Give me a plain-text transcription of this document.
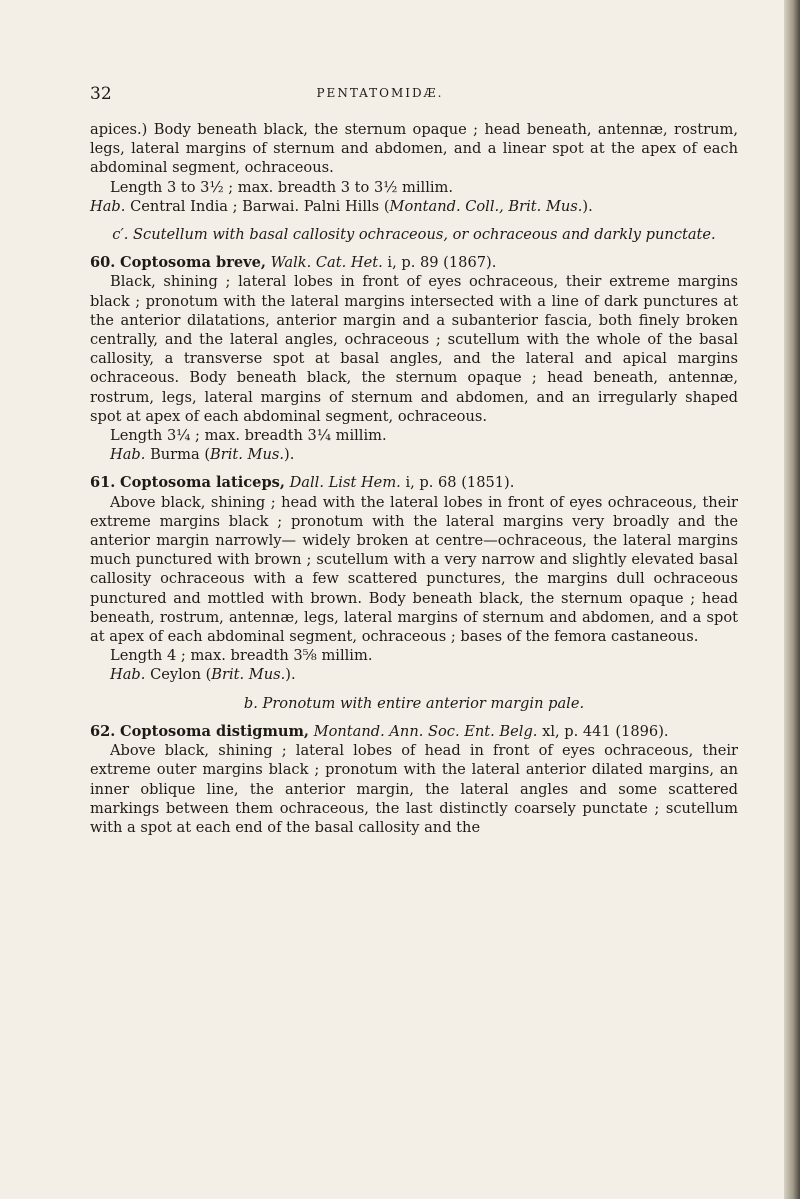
32	PENTATOMIDÆ.

apices.) Body beneath black, the sternum opaque ; head beneath, antennæ, rostrum, legs, lateral margins of sternum and abdomen, and a linear spot at the apex of each abdominal segment, ochraceous.

Length 3 to 3½ ; max. breadth 3 to 3½ millim.

Hab. Central India ; Barwai. Palni Hills (Montand. Coll., Brit. Mus.).

c′. Scutellum with basal callosity ochraceous, or ochraceous and darkly punctate.

60. Coptosoma breve, Walk. Cat. Het. i, p. 89 (1867).

Black, shining ; lateral lobes in front of eyes ochraceous, their extreme margins black ; pronotum with the lateral margins intersected with a line of dark punctures at the anterior dilatations, anterior margin and a subanterior fascia, both finely broken centrally, and the lateral angles, ochraceous ; scutellum with the whole of the basal callosity, a transverse spot at basal angles, and the lateral and apical margins ochraceous. Body beneath black, the sternum opaque ; head beneath, antennæ, rostrum, legs, lateral margins of sternum and abdomen, and an irregularly shaped spot at apex of each abdominal segment, ochraceous.

Length 3¼ ; max. breadth 3¼ millim.

Hab. Burma (Brit. Mus.).

61. Coptosoma laticeps, Dall. List Hem. i, p. 68 (1851).

Above black, shining ; head with the lateral lobes in front of eyes ochraceous, their extreme margins black ; pronotum with the lateral margins very broadly and the anterior margin narrowly— widely broken at centre—ochraceous, the lateral margins much punctured with brown ; scutellum with a very narrow and slightly elevated basal callosity ochraceous with a few scattered punctures, the margins dull ochraceous punctured and mottled with brown. Body beneath black, the sternum opaque ; head beneath, rostrum, antennæ, legs, lateral margins of sternum and abdomen, and a spot at apex of each abdominal segment, ochraceous ; bases of the femora castaneous.

Length 4 ; max. breadth 3⅝ millim.

Hab. Ceylon (Brit. Mus.).

b. Pronotum with entire anterior margin pale.

62. Coptosoma distigmum, Montand. Ann. Soc. Ent. Belg. xl, p. 441 (1896).

Above black, shining ; lateral lobes of head in front of eyes ochraceous, their extreme outer margins black ; pronotum with the lateral anterior dilated margins, an inner oblique line, the anterior margin, the lateral angles and some scattered markings between them ochraceous, the last distinctly coarsely punctate ; scutellum with a spot at each end of the basal callosity and the
